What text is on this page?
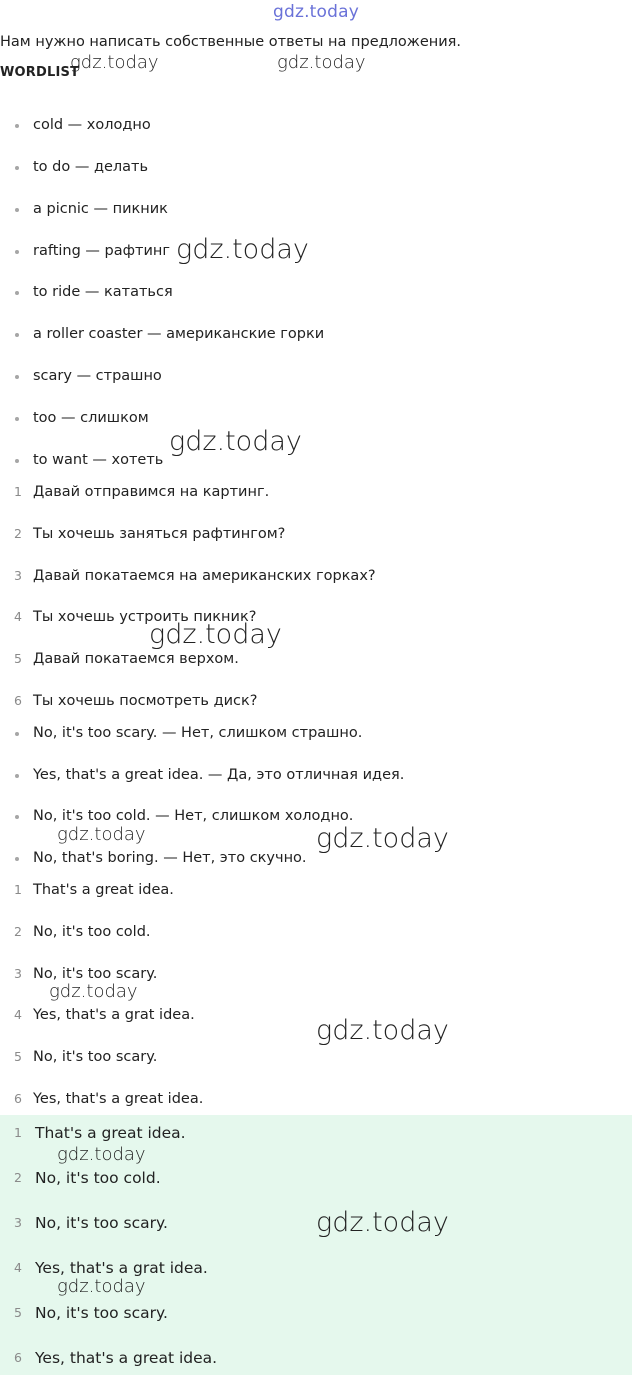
gdz.today
Нам нужно написать собственные ответы на предложения.
WORDLIST
cold — холодно
to do — делать
a picnic — пикник
rafting — рафтинг
to ride — кататься
a roller coaster — американские горки
scary — страшно
too — слишком
to want — хотеть
1 Давай отправимся на картинг.
2 Ты хочешь заняться рафтингом?
3 Давай покатаемся на американских горках?
4 Ты хочешь устроить пикник?
5 Давай покатаемся верхом.
6 Ты хочешь посмотреть диск?
No, it's too scary. — Нет, слишком страшно.
Yes, that's a great idea. — Да, это отличная идея.
No, it's too cold. — Нет, слишком холодно.
No, that's boring. — Нет, это скучно.
1 That's a great idea.
2 No, it's too cold.
3 No, it's too scary.
4 Yes, that's a grat idea.
5 No, it's too scary.
6 Yes, that's a great idea.
1 That's a great idea.
2 No, it's too cold.
3 No, it's too scary.
4 Yes, that's a grat idea.
5 No, it's too scary.
6 Yes, that's a great idea.
gdz.today	gdz.today
gdz.today
gdz.today
gdz.today
gdz.today	gdz.today
gdz.today
gdz.today
gdz.today
gdz.today
gdz.today
